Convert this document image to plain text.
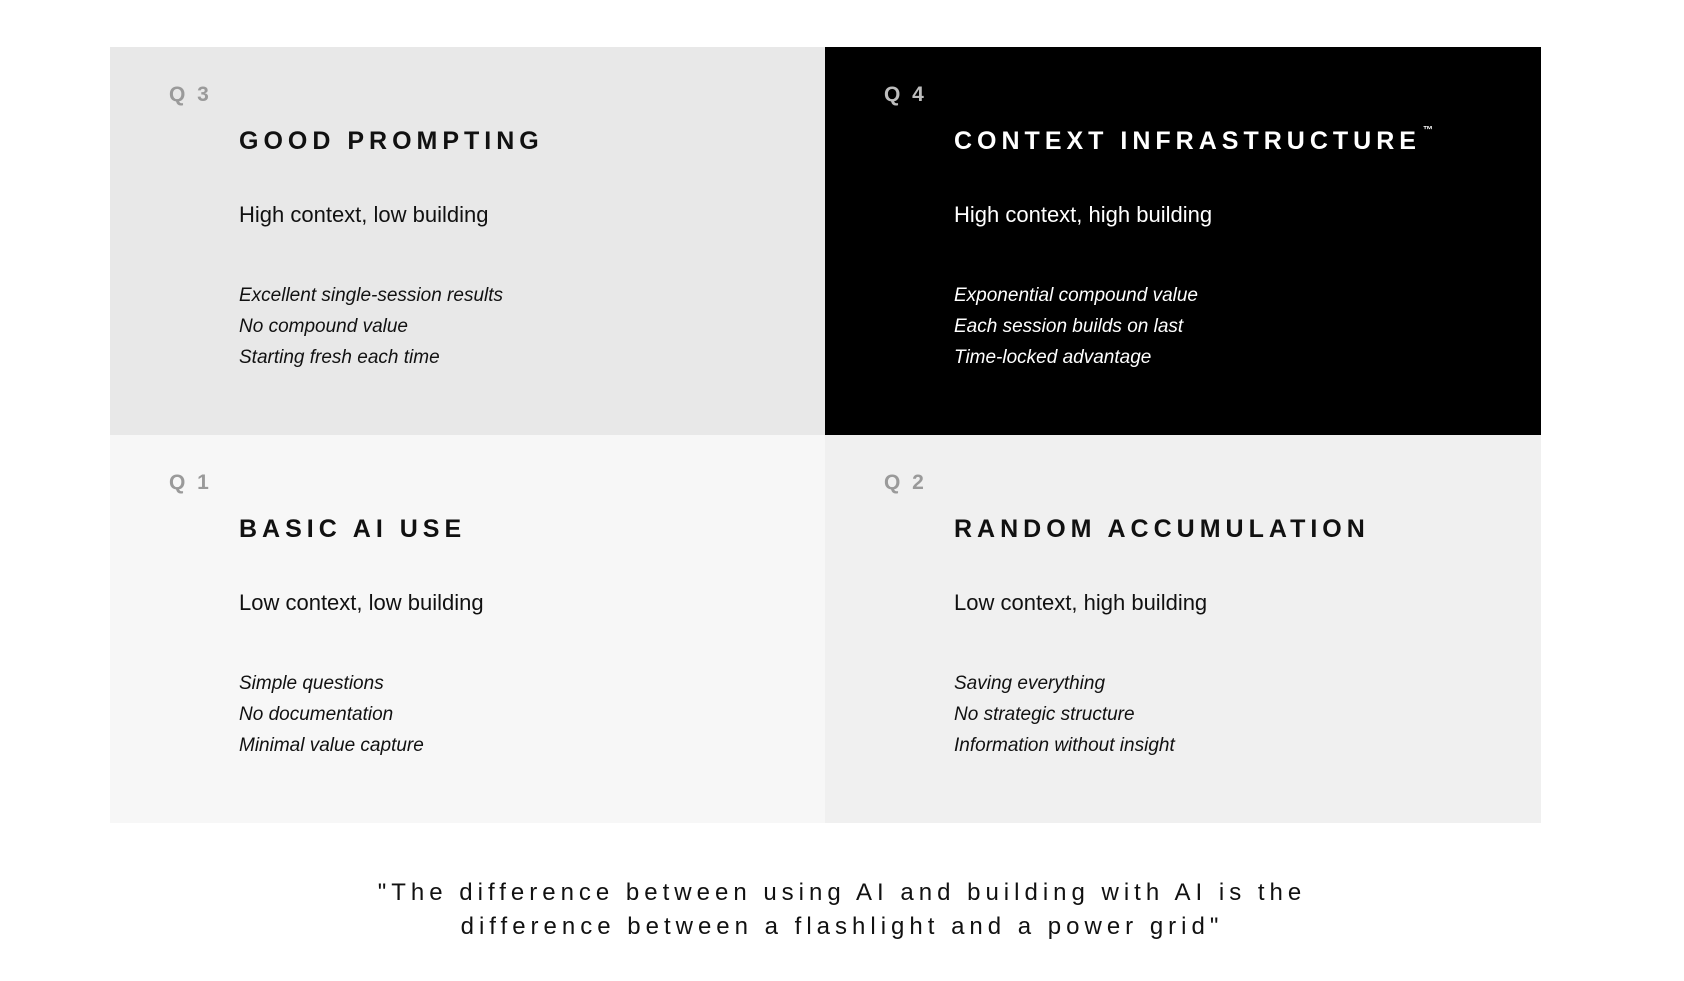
Q 3
GOOD PROMPTING
High context, low building
Excellent single-session results
No compound value
Starting fresh each time
Q 4
CONTEXT INFRASTRUCTURE ™
High context, high building
Exponential compound value
Each session builds on last
Time-locked advantage
Q 1
BASIC AI USE
Low context, low building
Simple questions
No documentation
Minimal value capture
Q 2
RANDOM ACCUMULATION
Low context, high building
Saving everything
No strategic structure
Information without insight
"The difference between using AI and building with AI is the
difference between a flashlight and a power grid"
